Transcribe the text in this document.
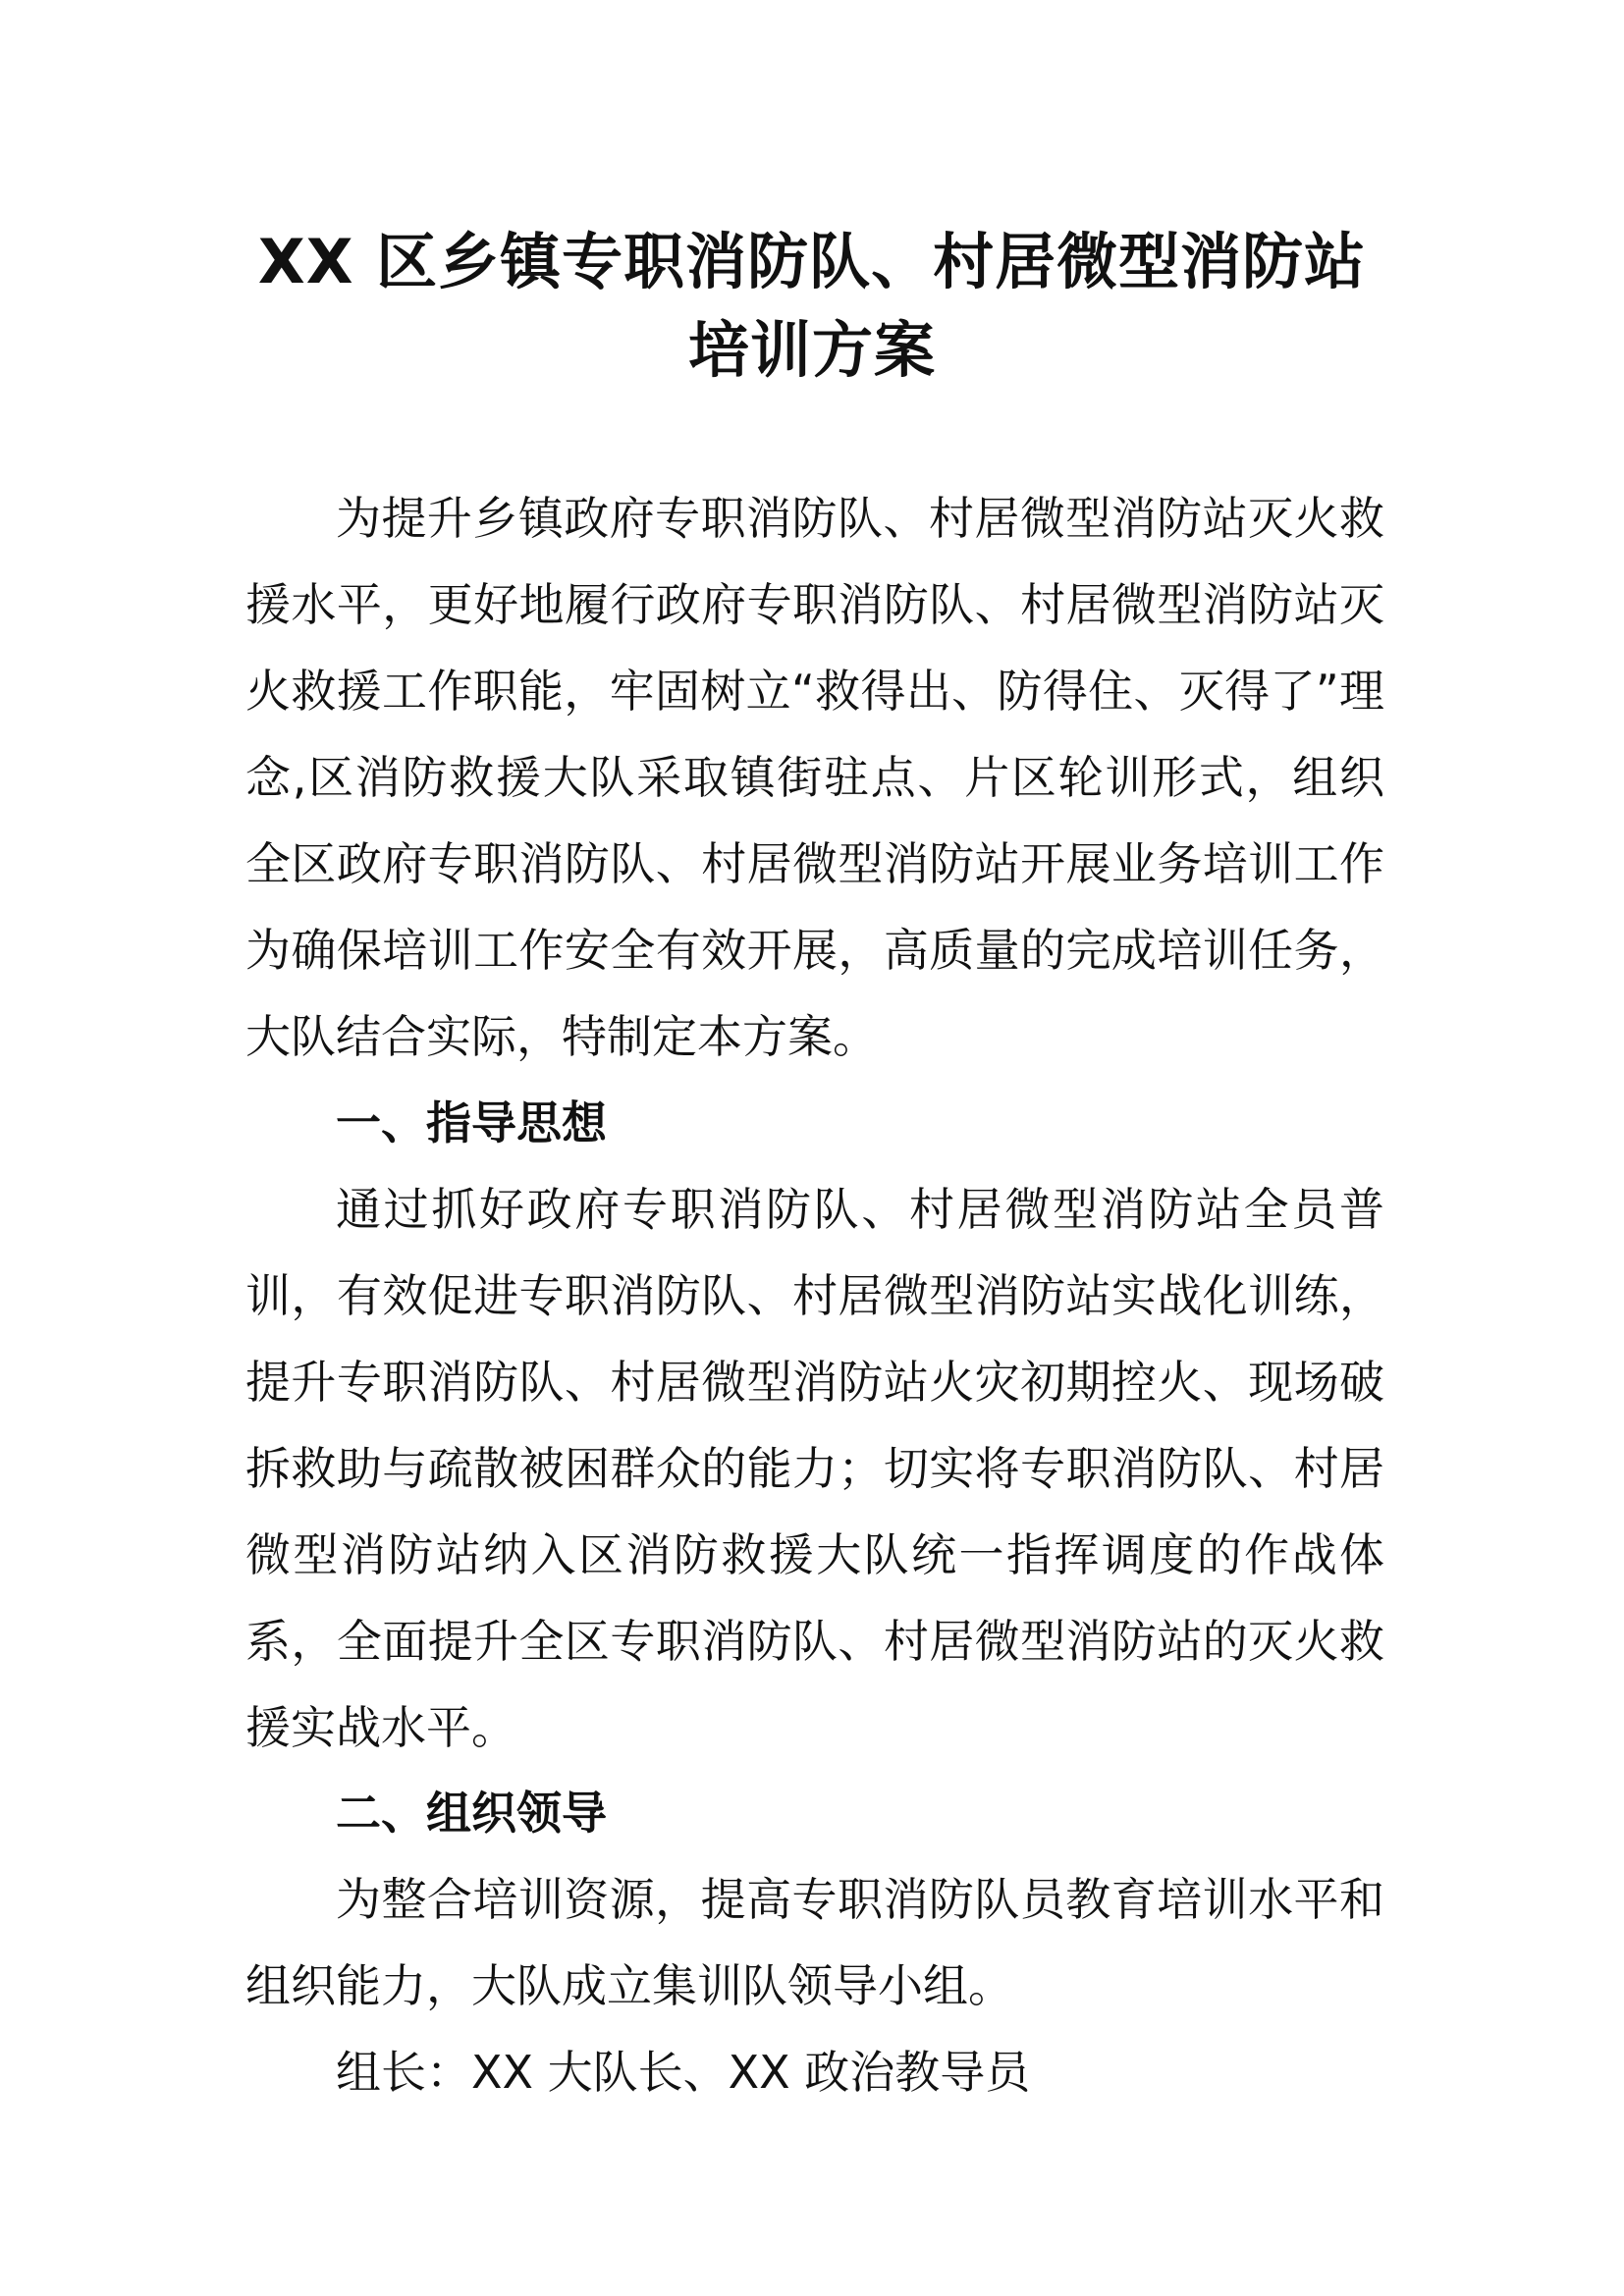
XX 区乡镇专职消防队、村居微型消防站
培训方案

为提升乡镇政府专职消防队、村居微型消防站灭火救援水平，更好地履行政府专职消防队、村居微型消防站灭火救援工作职能，牢固树立“救得出、防得住、灭得了”理念,区消防救援大队采取镇街驻点、片区轮训形式，组织全区政府专职消防队、村居微型消防站开展业务培训工作为确保培训工作安全有效开展，高质量的完成培训任务，大队结合实际，特制定本方案。

一、指导思想

通过抓好政府专职消防队、村居微型消防站全员普训，有效促进专职消防队、村居微型消防站实战化训练，提升专职消防队、村居微型消防站火灾初期控火、现场破拆救助与疏散被困群众的能力；切实将专职消防队、村居微型消防站纳入区消防救援大队统一指挥调度的作战体系，全面提升全区专职消防队、村居微型消防站的灭火救援实战水平。

二、组织领导

为整合培训资源，提高专职消防队员教育培训水平和组织能力，大队成立集训队领导小组。

组长：XX 大队长、XX 政治教导员
